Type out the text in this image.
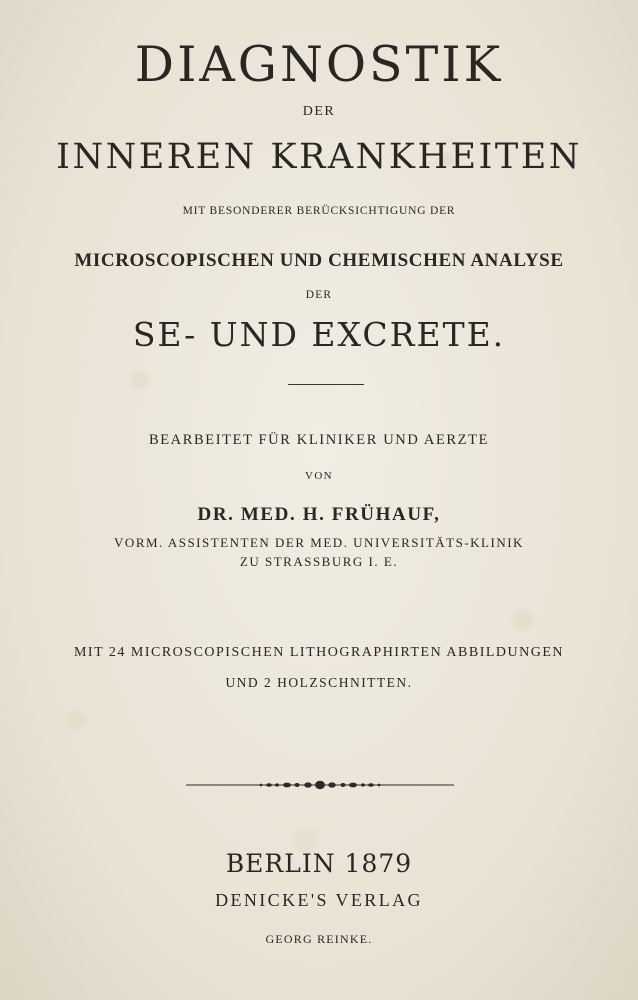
DIAGNOSTIK
DER
INNEREN KRANKHEITEN
MIT BESONDERER BERÜCKSICHTIGUNG DER
MICROSCOPISCHEN UND CHEMISCHEN ANALYSE
DER
SE- UND EXCRETE.
BEARBEITET FÜR KLINIKER UND AERZTE
VON
DR. MED. H. FRÜHAUF,
VORM. ASSISTENTEN DER MED. UNIVERSITÄTS-KLINIK
ZU STRASSBURG I. E.
MIT 24 MICROSCOPISCHEN LITHOGRAPHIRTEN ABBILDUNGEN
UND 2 HOLZSCHNITTEN.
BERLIN 1879
DENICKE'S VERLAG
GEORG REINKE.
